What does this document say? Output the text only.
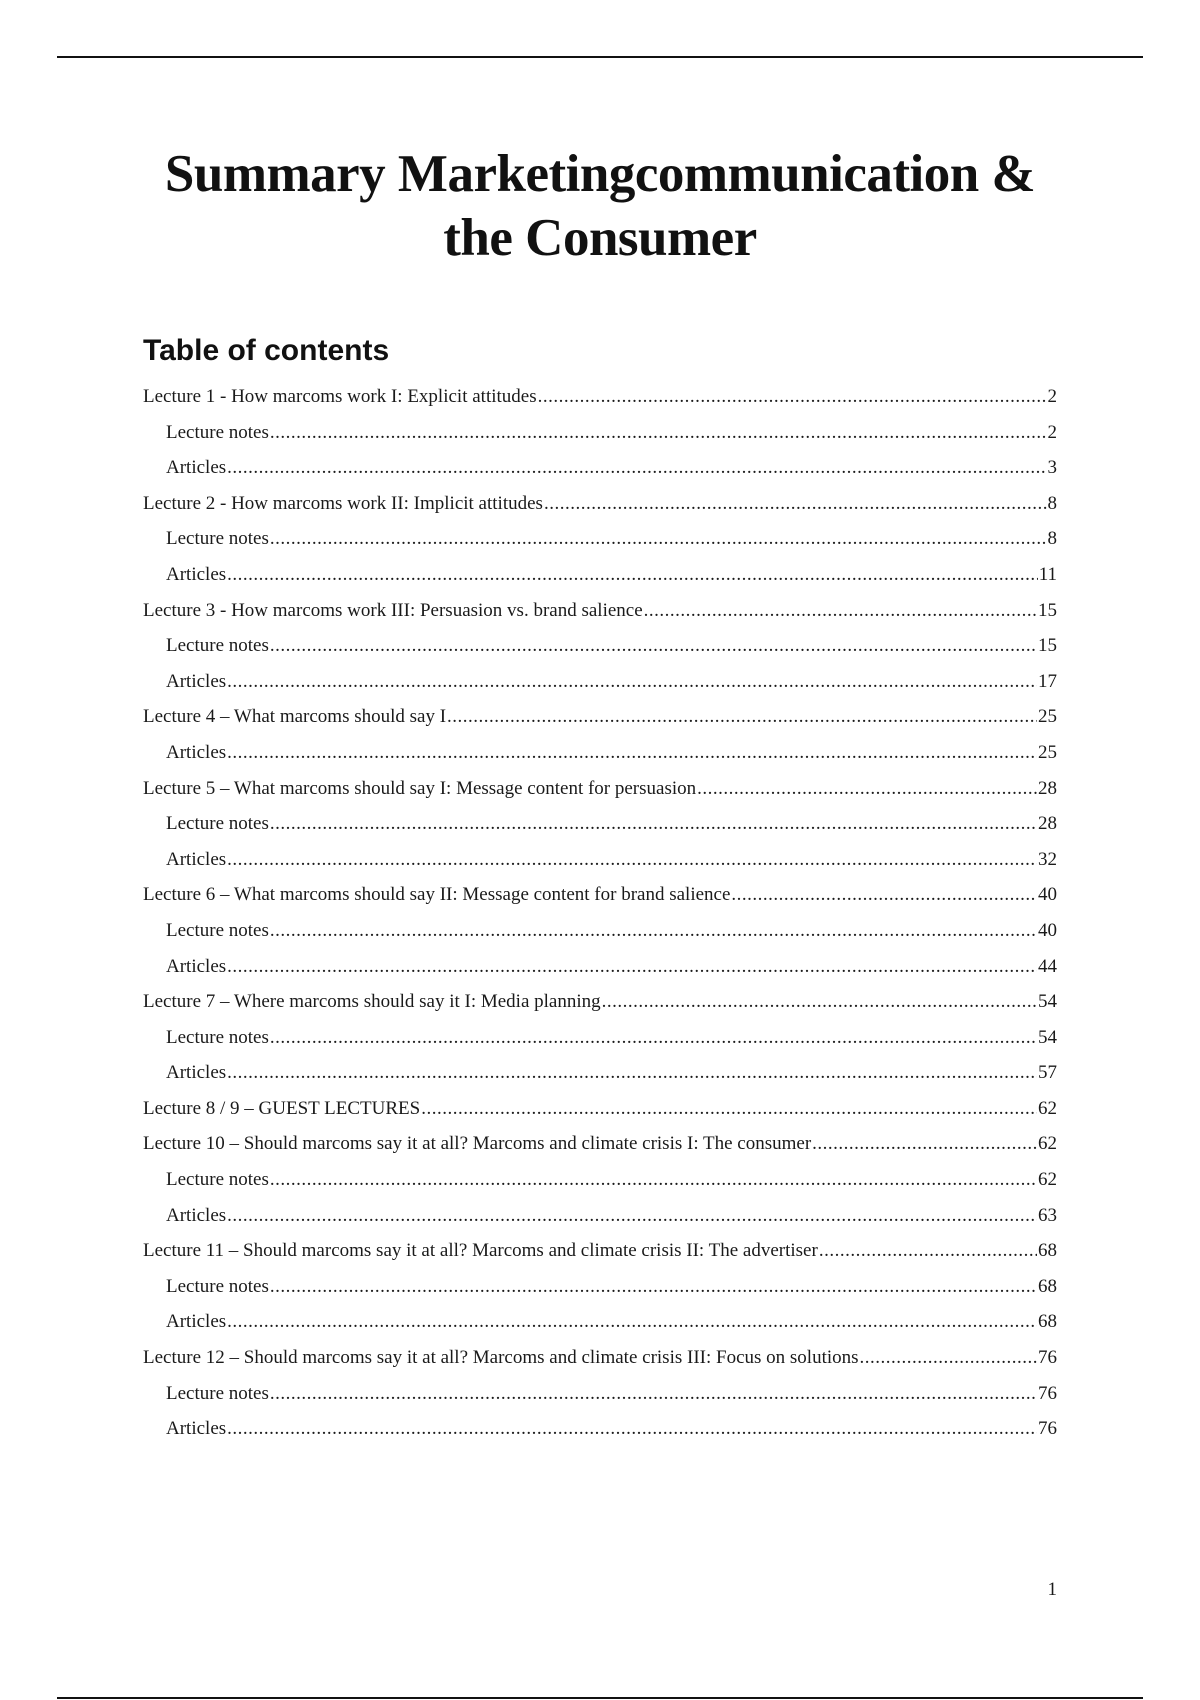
Summary Marketingcommunication &
the Consumer
Table of contents
Lecture 1 - How marcoms work I: Explicit attitudes .....	2
Lecture notes .....	2
Articles .....	3
Lecture 2 - How marcoms work II: Implicit attitudes .....	8
Lecture notes .....	8
Articles .....	11
Lecture 3 - How marcoms work III: Persuasion vs. brand salience .....	15
Lecture notes .....	15
Articles .....	17
Lecture 4 – What marcoms should say I .....	25
Articles .....	25
Lecture 5 – What marcoms should say I: Message content for persuasion .....	28
Lecture notes .....	28
Articles .....	32
Lecture 6 – What marcoms should say II: Message content for brand salience .....	40
Lecture notes .....	40
Articles .....	44
Lecture 7 – Where marcoms should say it I: Media planning .....	54
Lecture notes .....	54
Articles .....	57
Lecture 8 / 9 – GUEST LECTURES .....	62
Lecture 10 – Should marcoms say it at all? Marcoms and climate crisis I: The consumer .....	62
Lecture notes .....	62
Articles .....	63
Lecture 11 – Should marcoms say it at all? Marcoms and climate crisis II: The advertiser .....	68
Lecture notes .....	68
Articles .....	68
Lecture 12 – Should marcoms say it at all? Marcoms and climate crisis III: Focus on solutions .....	76
Lecture notes .....	76
Articles .....	76
1
